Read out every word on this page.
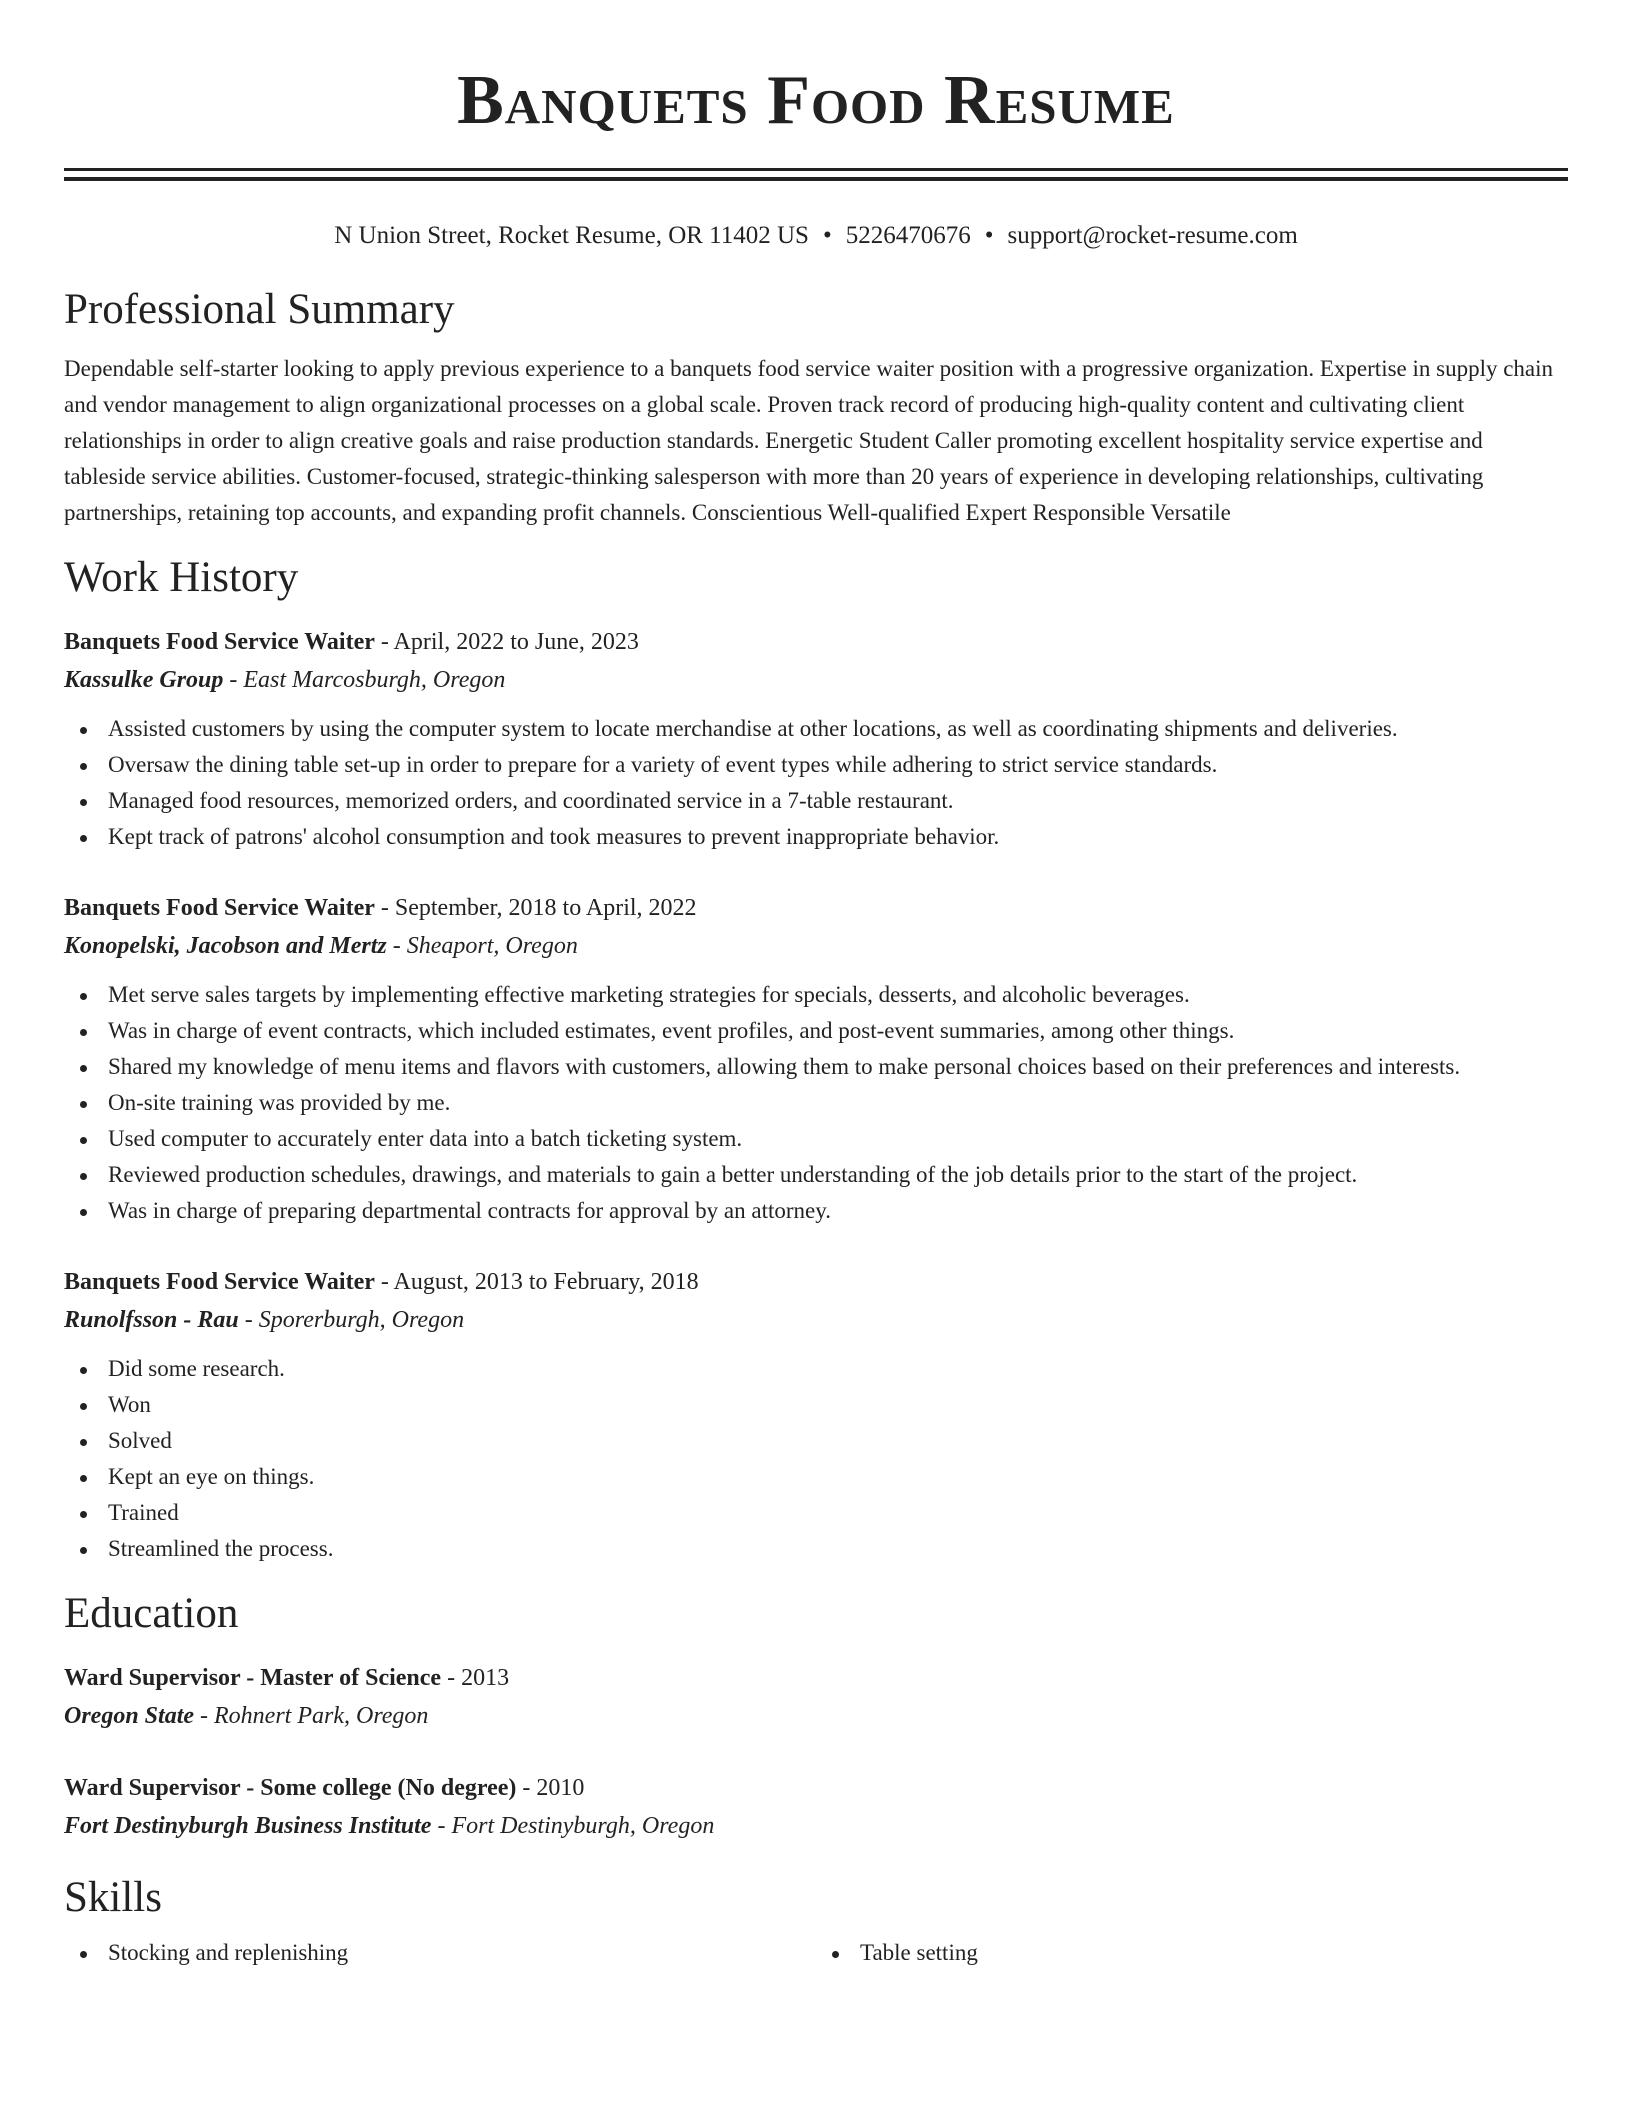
Banquets Food Resume
N Union Street, Rocket Resume, OR 11402 US • 5226470676 • support@rocket-resume.com
Professional Summary
Dependable self-starter looking to apply previous experience to a banquets food service waiter position with a progressive organization. Expertise in supply chain and vendor management to align organizational processes on a global scale. Proven track record of producing high-quality content and cultivating client relationships in order to align creative goals and raise production standards. Energetic Student Caller promoting excellent hospitality service expertise and tableside service abilities. Customer-focused, strategic-thinking salesperson with more than 20 years of experience in developing relationships, cultivating partnerships, retaining top accounts, and expanding profit channels. Conscientious Well-qualified Expert Responsible Versatile
Work History
Banquets Food Service Waiter - April, 2022 to June, 2023
Kassulke Group - East Marcosburgh, Oregon
Assisted customers by using the computer system to locate merchandise at other locations, as well as coordinating shipments and deliveries.
Oversaw the dining table set-up in order to prepare for a variety of event types while adhering to strict service standards.
Managed food resources, memorized orders, and coordinated service in a 7-table restaurant.
Kept track of patrons' alcohol consumption and took measures to prevent inappropriate behavior.
Banquets Food Service Waiter - September, 2018 to April, 2022
Konopelski, Jacobson and Mertz - Sheaport, Oregon
Met serve sales targets by implementing effective marketing strategies for specials, desserts, and alcoholic beverages.
Was in charge of event contracts, which included estimates, event profiles, and post-event summaries, among other things.
Shared my knowledge of menu items and flavors with customers, allowing them to make personal choices based on their preferences and interests.
On-site training was provided by me.
Used computer to accurately enter data into a batch ticketing system.
Reviewed production schedules, drawings, and materials to gain a better understanding of the job details prior to the start of the project.
Was in charge of preparing departmental contracts for approval by an attorney.
Banquets Food Service Waiter - August, 2013 to February, 2018
Runolfsson - Rau - Sporerburgh, Oregon
Did some research.
Won
Solved
Kept an eye on things.
Trained
Streamlined the process.
Education
Ward Supervisor - Master of Science - 2013
Oregon State - Rohnert Park, Oregon
Ward Supervisor - Some college (No degree) - 2010
Fort Destinyburgh Business Institute - Fort Destinyburgh, Oregon
Skills
Stocking and replenishing	Table setting
